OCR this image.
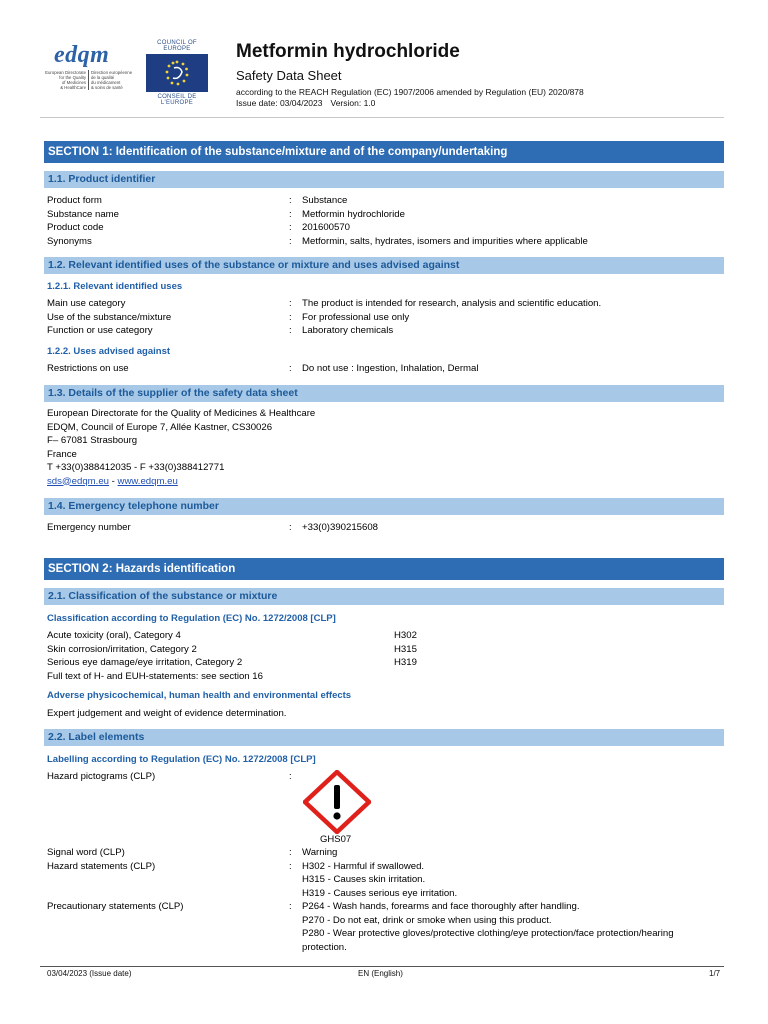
edqm
European Directorate Direction européenne
for the Quality de la qualité
of Medicines du médicament
& HealthCare & soins de santé
COUNCIL OF EUROPE
CONSEIL DE L'EUROPE
Metformin hydrochloride
Safety Data Sheet
according to the REACH Regulation (EC) 1907/2006 amended by Regulation (EU) 2020/878
Issue date: 03/04/2023 Version: 1.0
SECTION 1: Identification of the substance/mixture and of the company/undertaking
1.1. Product identifier
Product form	: Substance
Substance name	: Metformin hydrochloride
Product code	: 201600570
Synonyms	: Metformin, salts, hydrates, isomers and impurities where applicable
1.2. Relevant identified uses of the substance or mixture and uses advised against
1.2.1. Relevant identified uses
Main use category	: The product is intended for research, analysis and scientific education.
Use of the substance/mixture	: For professional use only
Function or use category	: Laboratory chemicals
1.2.2. Uses advised against
Restrictions on use	: Do not use : Ingestion, Inhalation, Dermal
1.3. Details of the supplier of the safety data sheet
European Directorate for the Quality of Medicines & Healthcare
EDQM, Council of Europe 7, Allée Kastner, CS30026
F– 67081 Strasbourg
France
T +33(0)388412035 - F +33(0)388412771
sds@edqm.eu - www.edqm.eu
1.4. Emergency telephone number
Emergency number	: +33(0)390215608
SECTION 2: Hazards identification
2.1. Classification of the substance or mixture
Classification according to Regulation (EC) No. 1272/2008 [CLP]
Acute toxicity (oral), Category 4	H302
Skin corrosion/irritation, Category 2	H315
Serious eye damage/eye irritation, Category 2	H319
Full text of H- and EUH-statements: see section 16
Adverse physicochemical, human health and environmental effects
Expert judgement and weight of evidence determination.
2.2. Label elements
Labelling according to Regulation (EC) No. 1272/2008 [CLP]
Hazard pictograms (CLP)	:
GHS07
Signal word (CLP)	: Warning
Hazard statements (CLP)	: H302 - Harmful if swallowed.
H315 - Causes skin irritation.
H319 - Causes serious eye irritation.
Precautionary statements (CLP)	: P264 - Wash hands, forearms and face thoroughly after handling.
P270 - Do not eat, drink or smoke when using this product.
P280 - Wear protective gloves/protective clothing/eye protection/face protection/hearing
protection.
03/04/2023 (Issue date)	EN (English)	1/7
